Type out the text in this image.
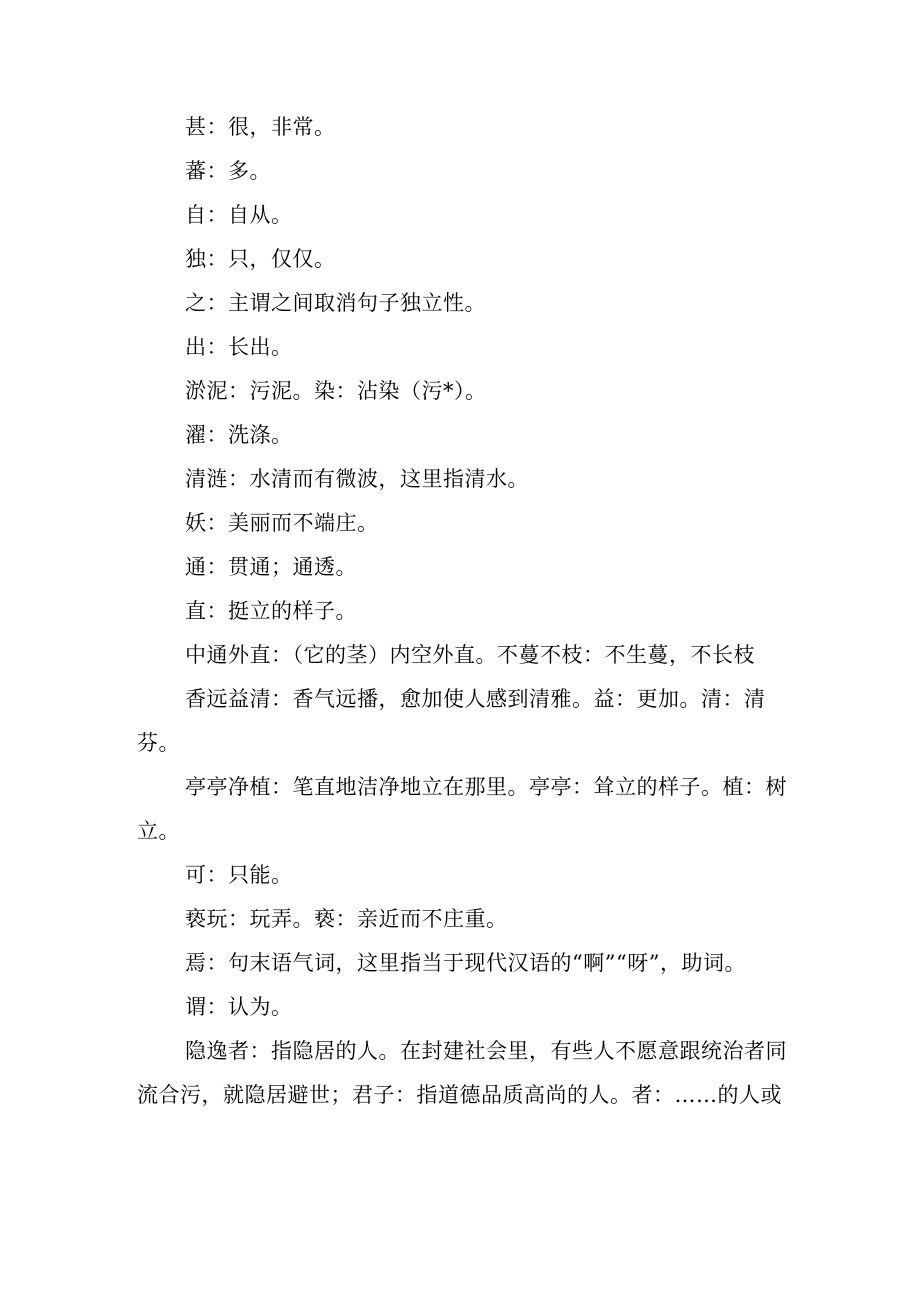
甚：很，非常。

蕃：多。

自：自从。

独：只，仅仅。

之：主谓之间取消句子独立性。

出：长出。

淤泥：污泥。染：沾染（污*）。

濯：洗涤。

清涟：水清而有微波，这里指清水。

妖：美丽而不端庄。

通：贯通；通透。

直：挺立的样子。

中通外直：（它的茎）内空外直。不蔓不枝：不生蔓，不长枝

香远益清：香气远播，愈加使人感到清雅。益：更加。清：清芬。

亭亭净植：笔直地洁净地立在那里。亭亭：耸立的样子。植：树立。

可：只能。

亵玩：玩弄。亵：亲近而不庄重。

焉：句末语气词，这里指当于现代汉语的“啊”“呀”，助词。

谓：认为。

隐逸者：指隐居的人。在封建社会里，有些人不愿意跟统治者同流合污，就隐居避世；君子：指道德品质高尚的人。者：……的人或
